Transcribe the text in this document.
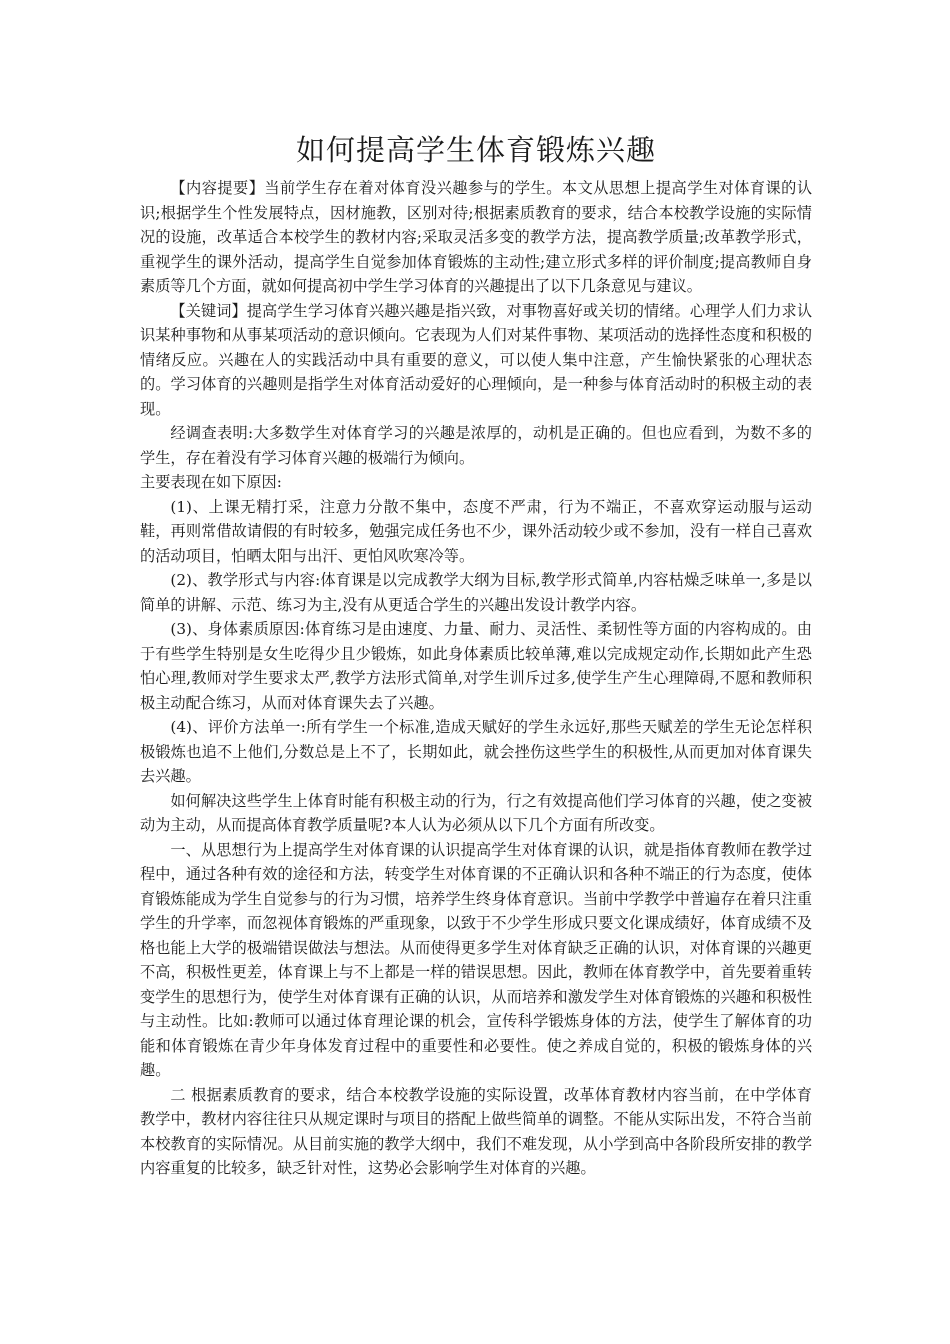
如何提高学生体育锻炼兴趣

【内容提要】当前学生存在着对体育没兴趣参与的学生。本文从思想上提高学生对体育课的认识;根据学生个性发展特点，因材施教，区别对待;根据素质教育的要求，结合本校教学设施的实际情况的设施，改革适合本校学生的教材内容;采取灵活多变的教学方法，提高教学质量;改革教学形式，重视学生的课外活动，提高学生自觉参加体育锻炼的主动性;建立形式多样的评价制度;提高教师自身素质等几个方面，就如何提高初中学生学习体育的兴趣提出了以下几条意见与建议。

【关键词】提高学生学习体育兴趣兴趣是指兴致，对事物喜好或关切的情绪。心理学人们力求认识某种事物和从事某项活动的意识倾向。它表现为人们对某件事物、某项活动的选择性态度和积极的情绪反应。兴趣在人的实践活动中具有重要的意义，可以使人集中注意，产生愉快紧张的心理状态的。学习体育的兴趣则是指学生对体育活动爱好的心理倾向，是一种参与体育活动时的积极主动的表现。

经调查表明:大多数学生对体育学习的兴趣是浓厚的，动机是正确的。但也应看到，为数不多的学生，存在着没有学习体育兴趣的极端行为倾向。

主要表现在如下原因:

(1)、上课无精打采，注意力分散不集中，态度不严肃，行为不端正，不喜欢穿运动服与运动鞋，再则常借故请假的有时较多，勉强完成任务也不少，课外活动较少或不参加，没有一样自己喜欢的活动项目，怕晒太阳与出汗、更怕风吹寒冷等。

(2)、教学形式与内容:体育课是以完成教学大纲为目标,教学形式简单,内容枯燥乏味单一,多是以简单的讲解、示范、练习为主,没有从更适合学生的兴趣出发设计教学内容。

(3)、身体素质原因:体育练习是由速度、力量、耐力、灵活性、柔韧性等方面的内容构成的。由于有些学生特别是女生吃得少且少锻炼，如此身体素质比较单薄,难以完成规定动作,长期如此产生恐怕心理,教师对学生要求太严,教学方法形式简单,对学生训斥过多,使学生产生心理障碍,不愿和教师积极主动配合练习，从而对体育课失去了兴趣。

(4)、评价方法单一:所有学生一个标准,造成天赋好的学生永远好,那些天赋差的学生无论怎样积极锻炼也追不上他们,分数总是上不了，长期如此，就会挫伤这些学生的积极性,从而更加对体育课失去兴趣。

如何解决这些学生上体育时能有积极主动的行为，行之有效提高他们学习体育的兴趣，使之变被动为主动，从而提高体育教学质量呢?本人认为必须从以下几个方面有所改变。

一、从思想行为上提高学生对体育课的认识提高学生对体育课的认识，就是指体育教师在教学过程中，通过各种有效的途径和方法，转变学生对体育课的不正确认识和各种不端正的行为态度，使体育锻炼能成为学生自觉参与的行为习惯，培养学生终身体育意识。当前中学教学中普遍存在着只注重学生的升学率，而忽视体育锻炼的严重现象，以致于不少学生形成只要文化课成绩好，体育成绩不及格也能上大学的极端错误做法与想法。从而使得更多学生对体育缺乏正确的认识，对体育课的兴趣更不高，积极性更差，体育课上与不上都是一样的错误思想。因此，教师在体育教学中，首先要着重转变学生的思想行为，使学生对体育课有正确的认识，从而培养和激发学生对体育锻炼的兴趣和积极性与主动性。比如:教师可以通过体育理论课的机会，宣传科学锻炼身体的方法，使学生了解体育的功能和体育锻炼在青少年身体发育过程中的重要性和必要性。使之养成自觉的，积极的锻炼身体的兴趣。

二 根据素质教育的要求，结合本校教学设施的实际设置，改革体育教材内容当前，在中学体育教学中，教材内容往往只从规定课时与项目的搭配上做些简单的调整。不能从实际出发，不符合当前本校教育的实际情况。从目前实施的教学大纲中，我们不难发现，从小学到高中各阶段所安排的教学内容重复的比较多，缺乏针对性，这势必会影响学生对体育的兴趣。
